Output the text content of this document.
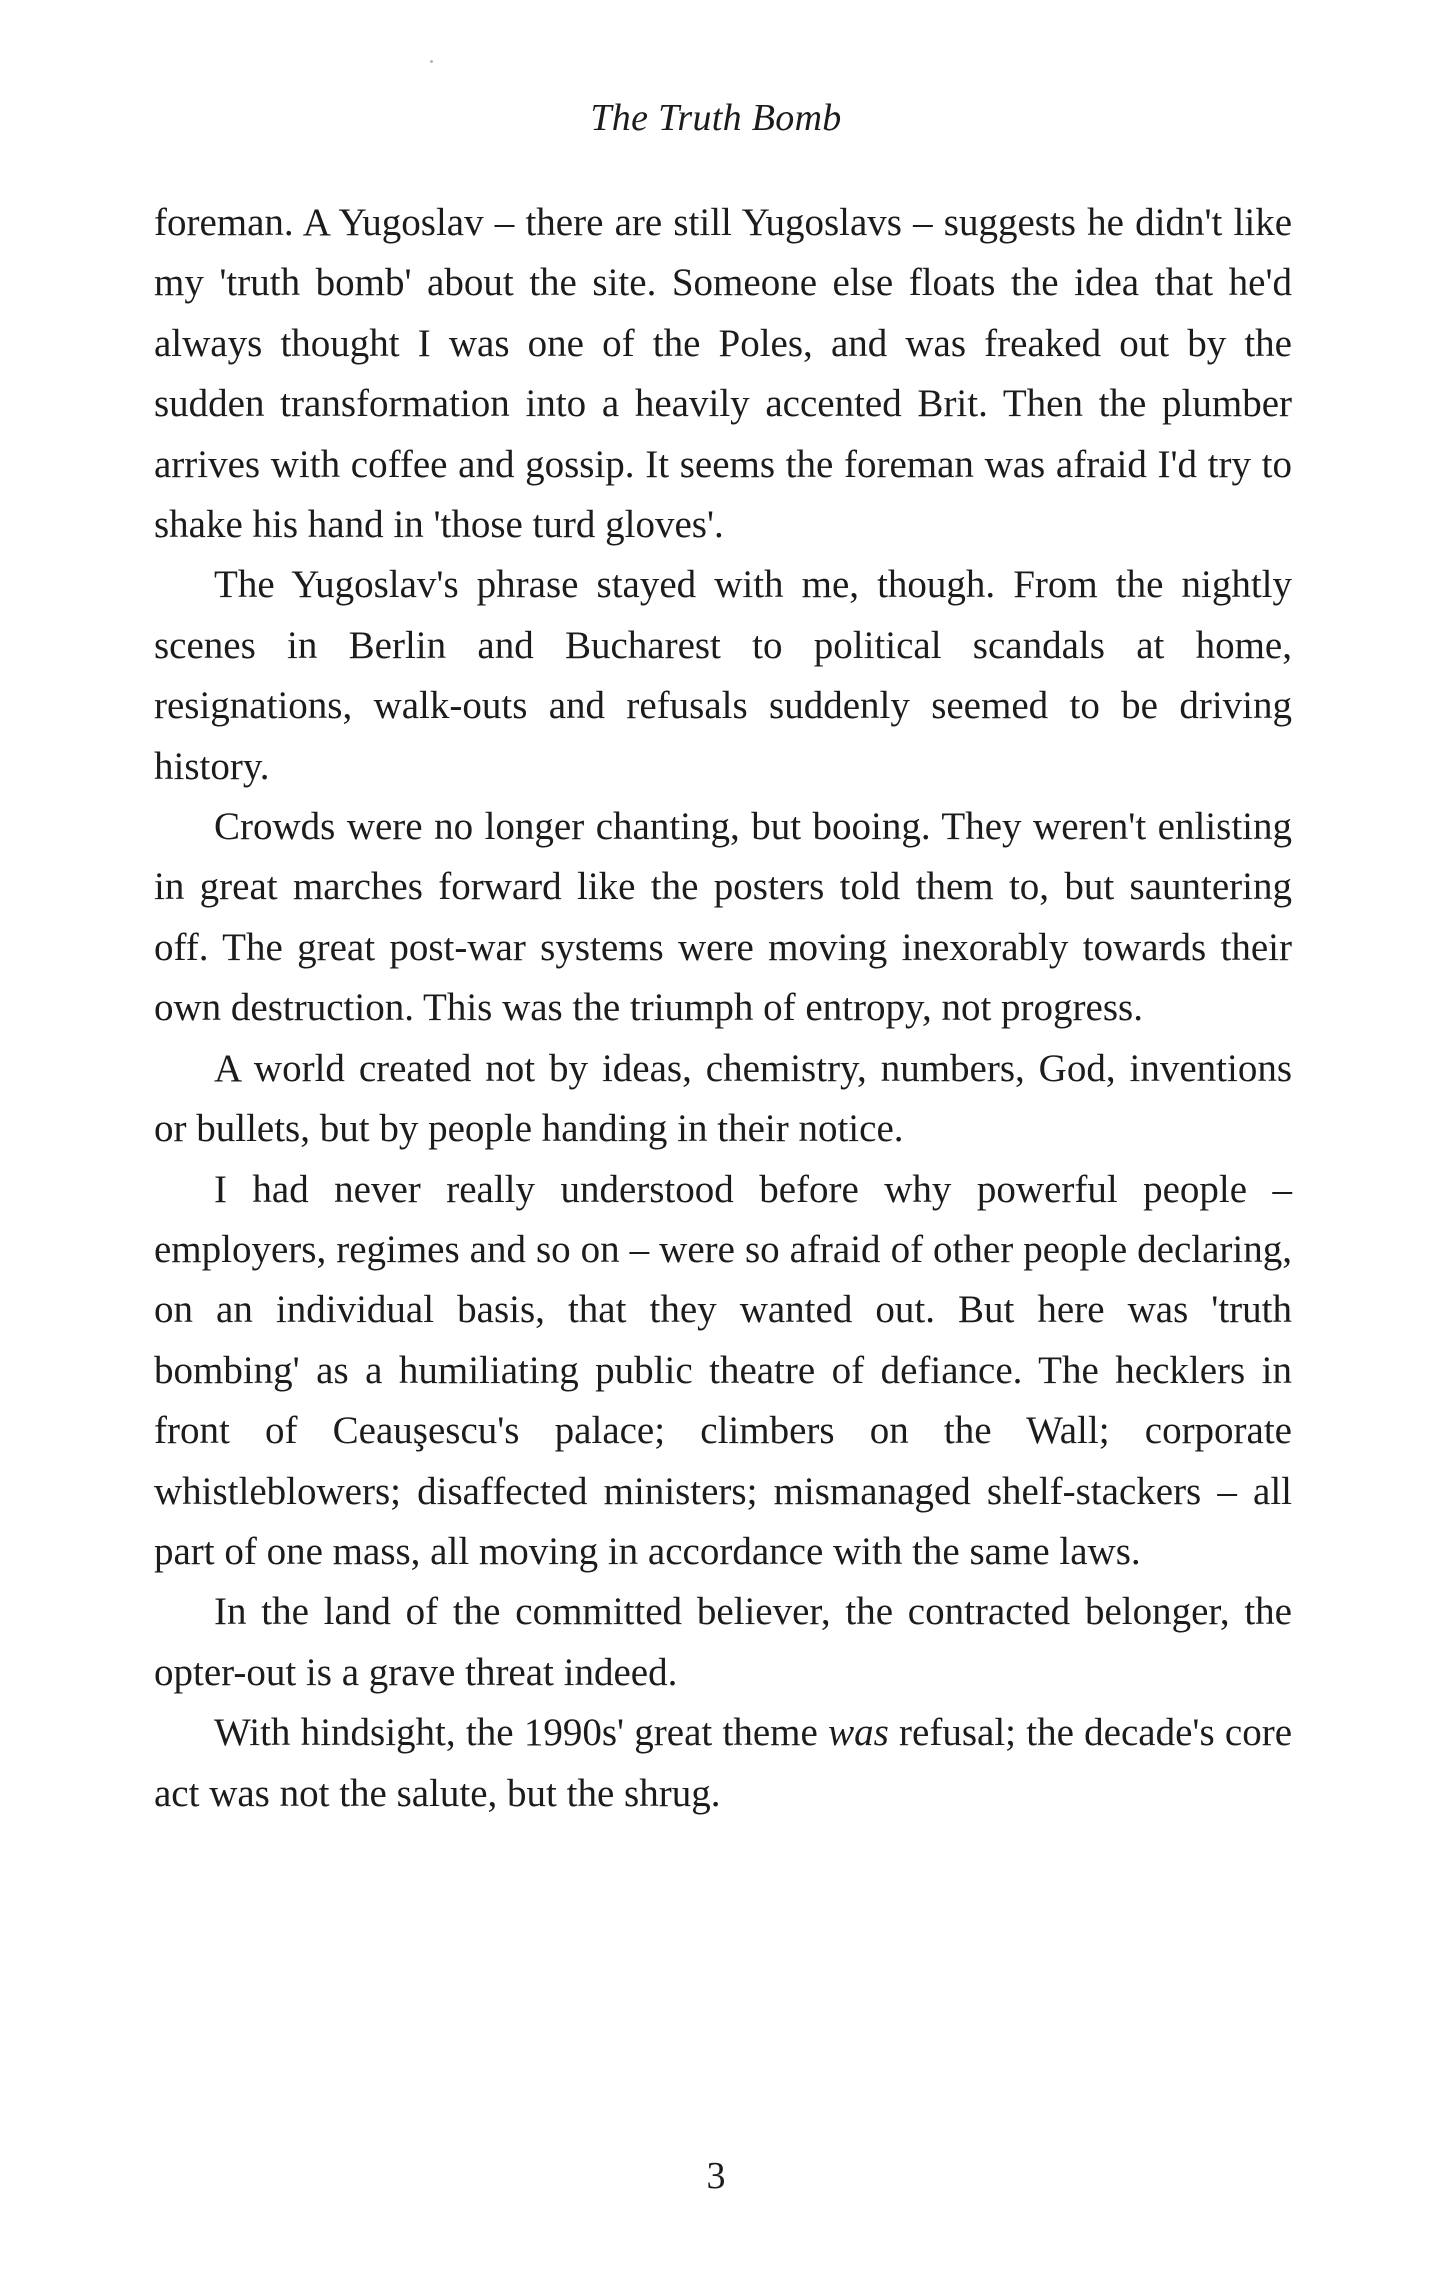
The Truth Bomb

foreman. A Yugoslav – there are still Yugoslavs – suggests he didn't like my 'truth bomb' about the site. Someone else floats the idea that he'd always thought I was one of the Poles, and was freaked out by the sudden transformation into a heavily accented Brit. Then the plumber arrives with coffee and gossip. It seems the foreman was afraid I'd try to shake his hand in 'those turd gloves'.

The Yugoslav's phrase stayed with me, though. From the nightly scenes in Berlin and Bucharest to political scandals at home, resignations, walk-outs and refusals suddenly seemed to be driving history.

Crowds were no longer chanting, but booing. They weren't enlisting in great marches forward like the posters told them to, but sauntering off. The great post-war systems were moving inexorably towards their own destruction. This was the triumph of entropy, not progress.

A world created not by ideas, chemistry, numbers, God, inventions or bullets, but by people handing in their notice.

I had never really understood before why powerful people – employers, regimes and so on – were so afraid of other people declaring, on an individual basis, that they wanted out. But here was 'truth bombing' as a humiliating public theatre of defiance. The hecklers in front of Ceauşescu's palace; climbers on the Wall; corporate whistleblowers; disaffected ministers; mismanaged shelf-stackers – all part of one mass, all moving in accordance with the same laws.

In the land of the committed believer, the contracted belonger, the opter-out is a grave threat indeed.

With hindsight, the 1990s' great theme was refusal; the decade's core act was not the salute, but the shrug.

3
